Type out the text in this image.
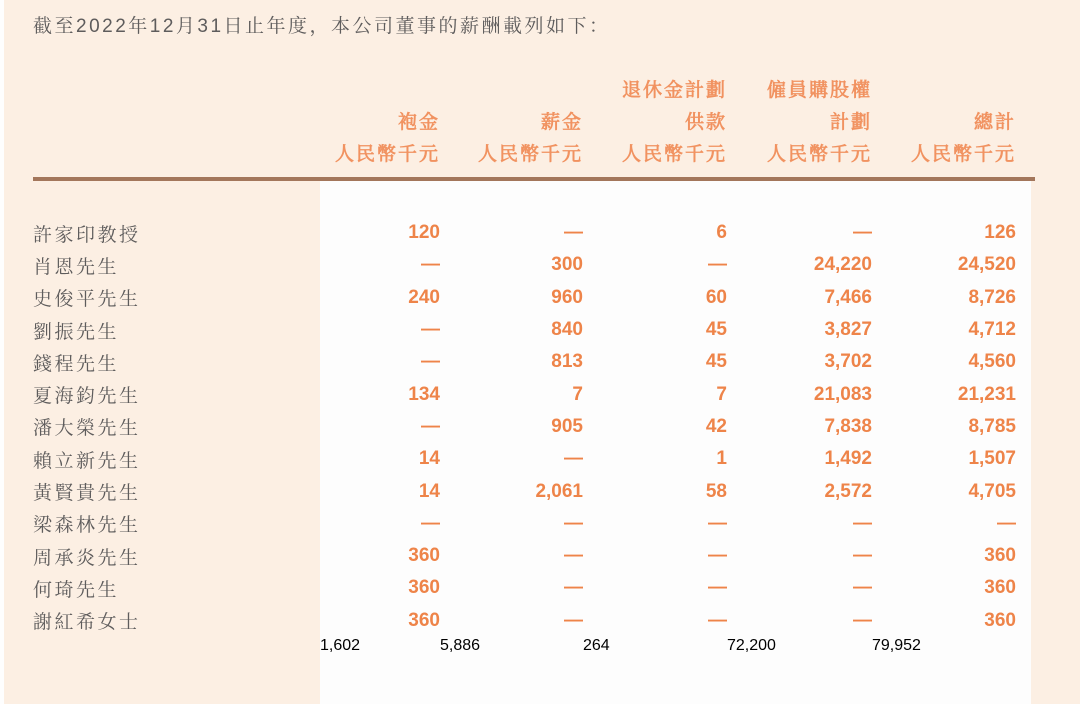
截至2022年12月31日止年度，本公司董事的薪酬載列如下：
			退休金計劃	僱員購股權	
	袍金	薪金	供款	計劃	總計
	人民幣千元	人民幣千元	人民幣千元	人民幣千元	人民幣千元

許家印教授	120	—	6	—	126
肖恩先生	—	300	—	24,220	24,520
史俊平先生	240	960	60	7,466	8,726
劉振先生	—	840	45	3,827	4,712
錢程先生	—	813	45	3,702	4,560
夏海鈞先生	134	7	7	21,083	21,231
潘大榮先生	—	905	42	7,838	8,785
賴立新先生	14	—	1	1,492	1,507
黃賢貴先生	14	2,061	58	2,572	4,705
梁森林先生	—	—	—	—	—
周承炎先生	360	—	—	—	360
何琦先生	360	—	—	—	360
謝紅希女士	360	—	—	—	360
	1,602	5,886	264	72,200	79,952
